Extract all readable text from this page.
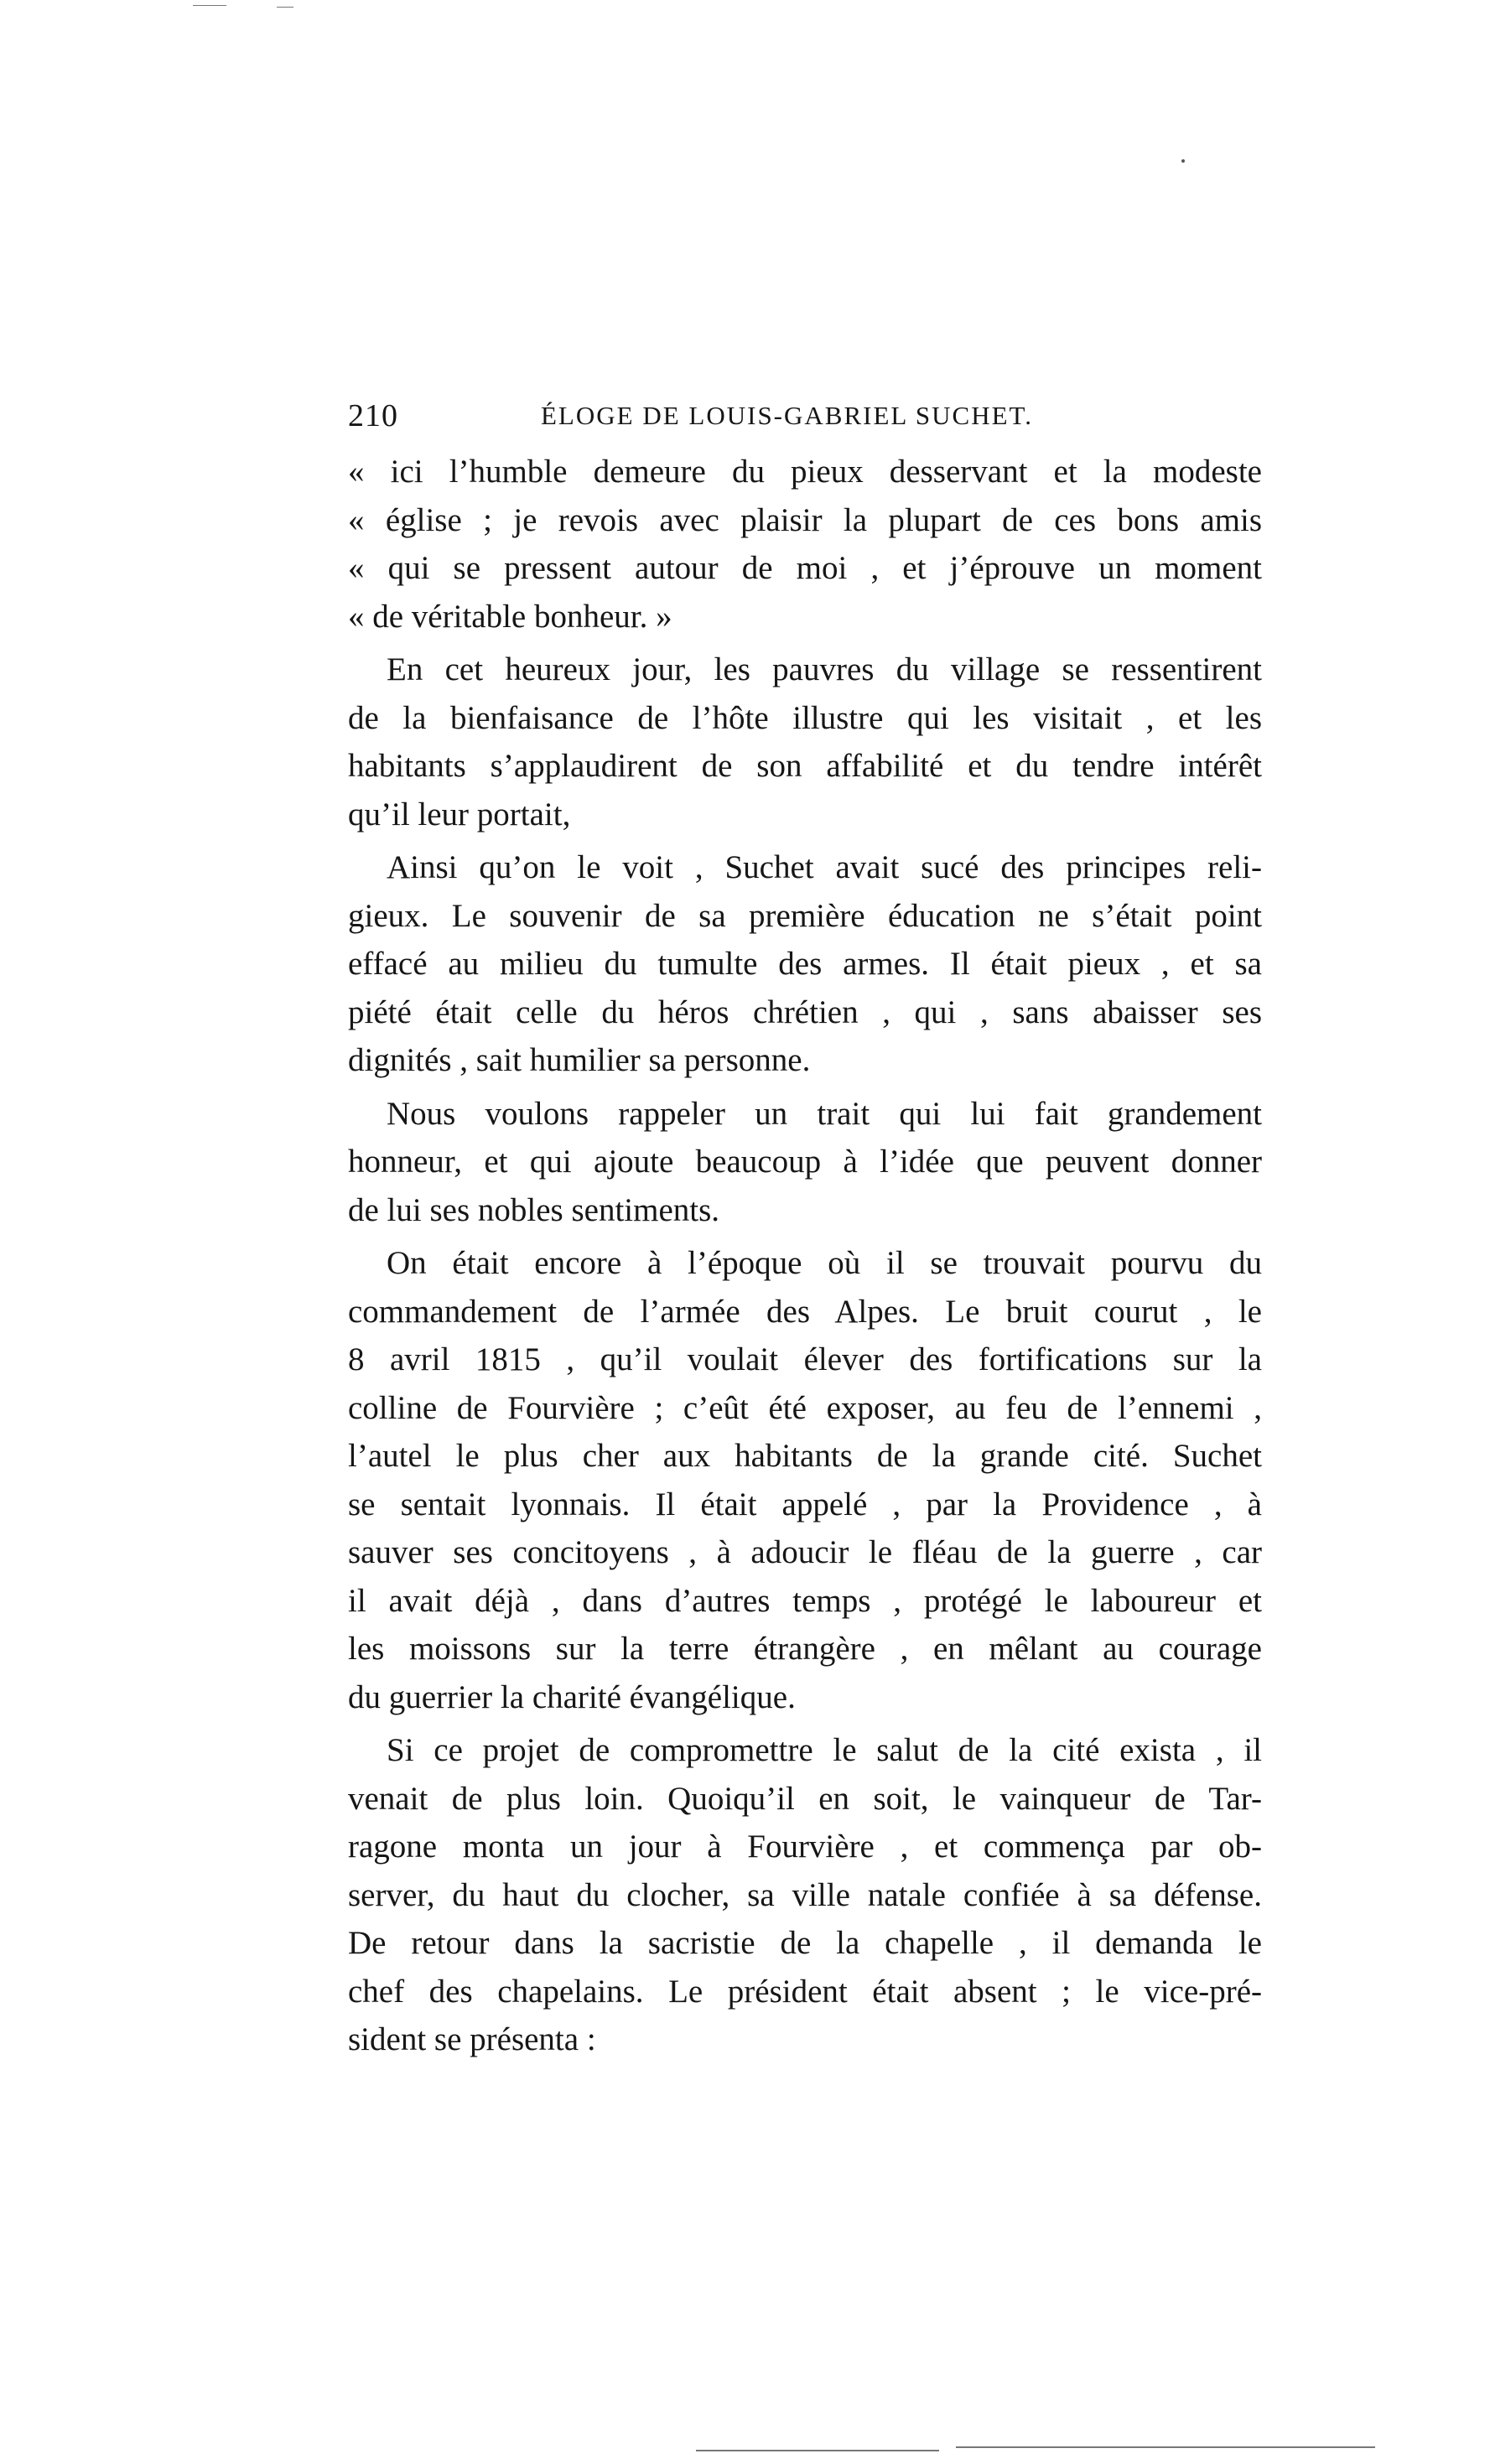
210	ÉLOGE DE LOUIS-GABRIEL SUCHET.
« ici l’humble demeure du pieux desservant et la modeste
« église ; je revois avec plaisir la plupart de ces bons amis
« qui se pressent autour de moi , et j’éprouve un moment
« de véritable bonheur. »
En cet heureux jour, les pauvres du village se ressentirent
de la bienfaisance de l’hôte illustre qui les visitait , et les
habitants s’applaudirent de son affabilité et du tendre intérêt
qu’il leur portait,
Ainsi qu’on le voit , Suchet avait sucé des principes reli-
gieux. Le souvenir de sa première éducation ne s’était point
effacé au milieu du tumulte des armes. Il était pieux , et sa
piété était celle du héros chrétien , qui , sans abaisser ses
dignités , sait humilier sa personne.
Nous voulons rappeler un trait qui lui fait grandement
honneur, et qui ajoute beaucoup à l’idée que peuvent donner
de lui ses nobles sentiments.
On était encore à l’époque où il se trouvait pourvu du
commandement de l’armée des Alpes. Le bruit courut , le
8 avril 1815 , qu’il voulait élever des fortifications sur la
colline de Fourvière ; c’eût été exposer, au feu de l’ennemi ,
l’autel le plus cher aux habitants de la grande cité. Suchet
se sentait lyonnais. Il était appelé , par la Providence , à
sauver ses concitoyens , à adoucir le fléau de la guerre , car
il avait déjà , dans d’autres temps , protégé le laboureur et
les moissons sur la terre étrangère , en mêlant au courage
du guerrier la charité évangélique.
Si ce projet de compromettre le salut de la cité exista , il
venait de plus loin. Quoiqu’il en soit, le vainqueur de Tar-
ragone monta un jour à Fourvière , et commença par ob-
server, du haut du clocher, sa ville natale confiée à sa défense.
De retour dans la sacristie de la chapelle , il demanda le
chef des chapelains. Le président était absent ; le vice-pré-
sident se présenta :
